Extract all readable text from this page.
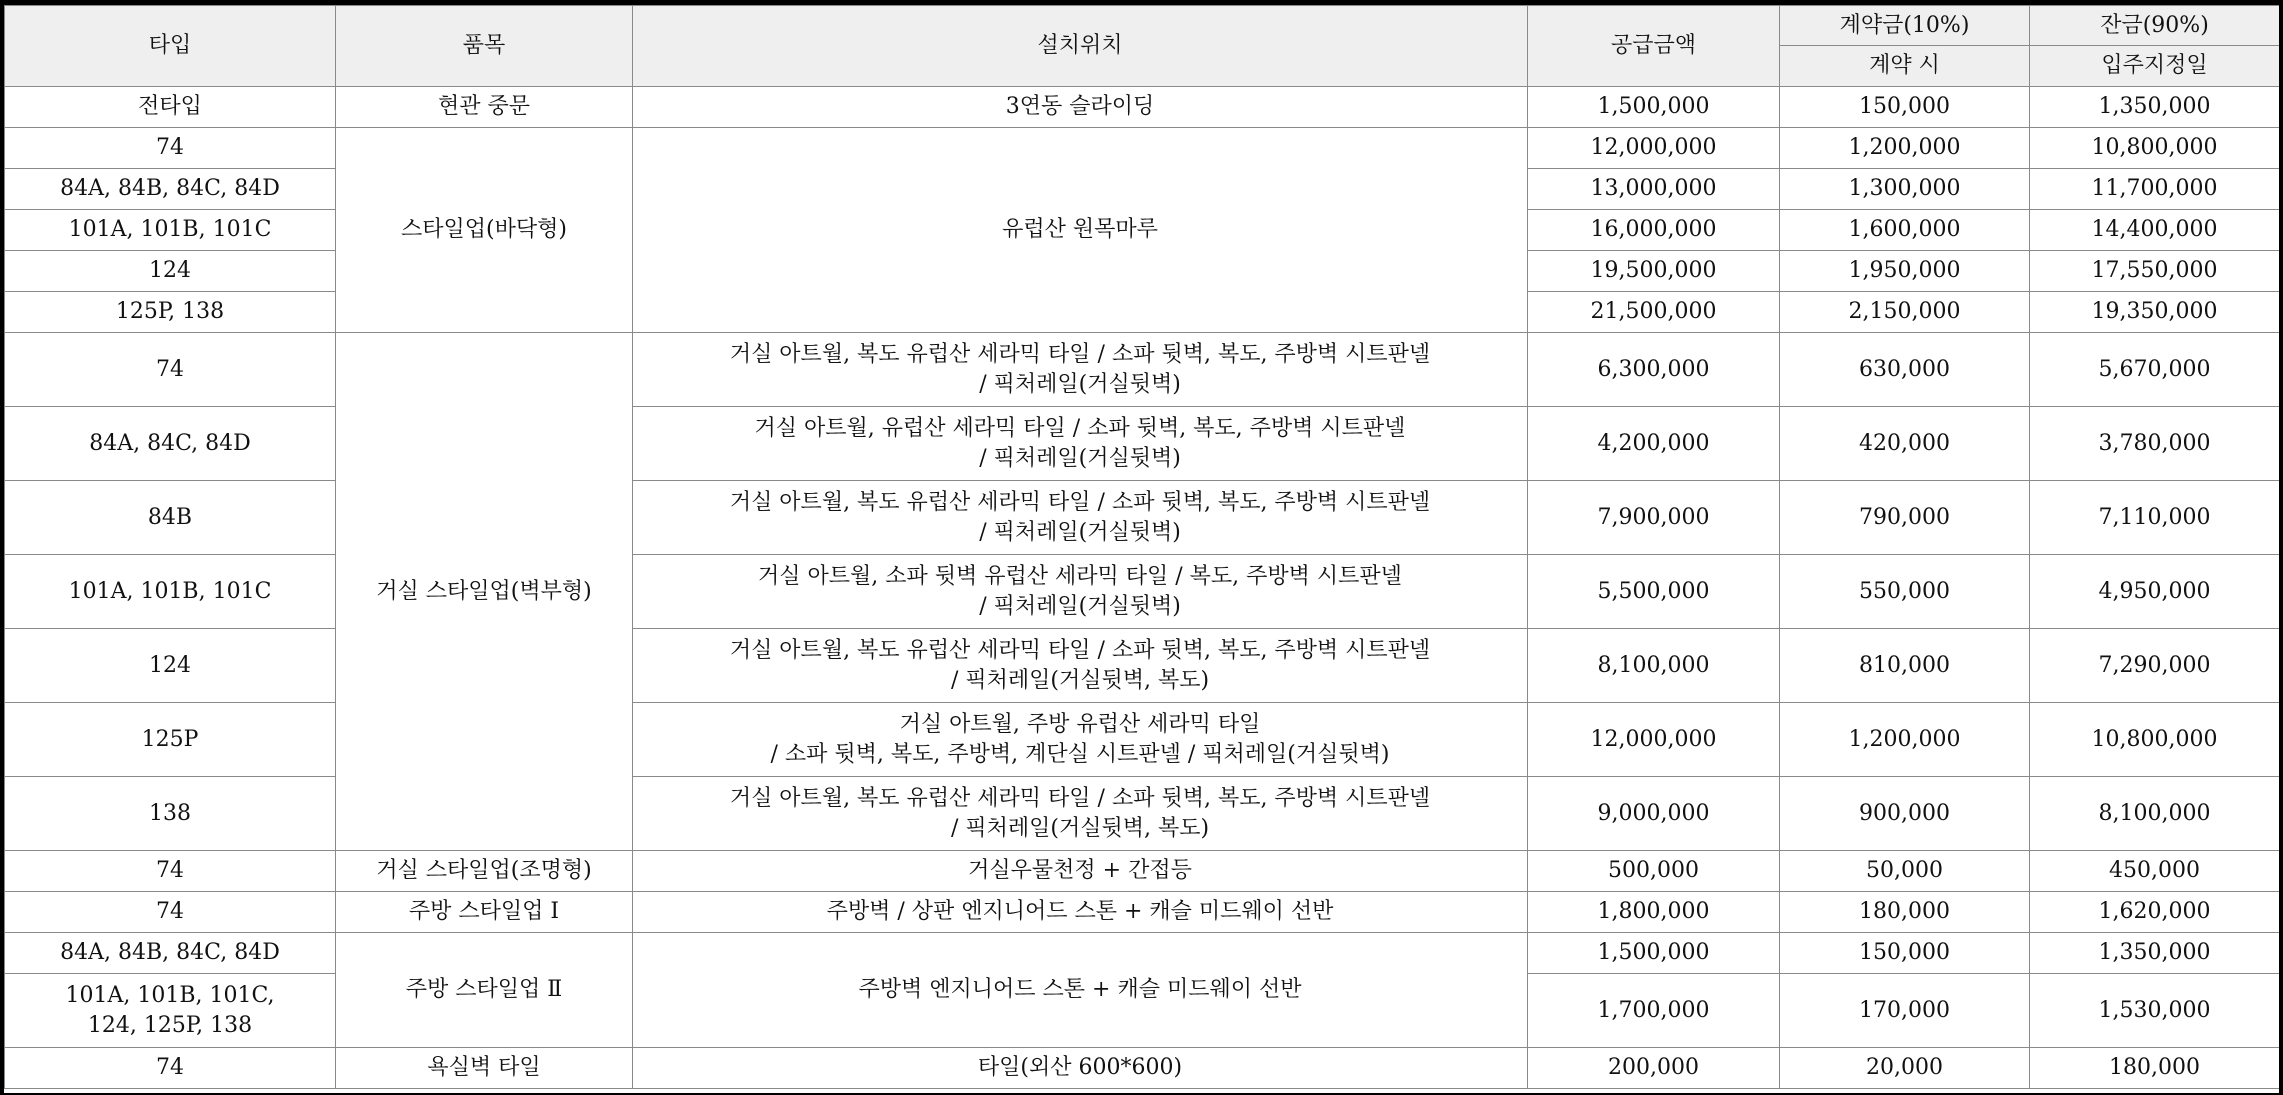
타입	품목	설치위치	공급금액	계약금(10%)	잔금(90%)
				계약 시	입주지정일
전타입	현관 중문	3연동 슬라이딩	1,500,000	150,000	1,350,000
74	스타일업(바닥형)	유럽산 원목마루	12,000,000	1,200,000	10,800,000
84A, 84B, 84C, 84D			13,000,000	1,300,000	11,700,000
101A, 101B, 101C			16,000,000	1,600,000	14,400,000
124			19,500,000	1,950,000	17,550,000
125P, 138			21,500,000	2,150,000	19,350,000
74	거실 스타일업(벽부형)	거실 아트월, 복도 유럽산 세라믹 타일 / 소파 뒷벽, 복도, 주방벽 시트판넬
/ 픽처레일(거실뒷벽)	6,300,000	630,000	5,670,000
84A, 84C, 84D		거실 아트월, 유럽산 세라믹 타일 / 소파 뒷벽, 복도, 주방벽 시트판넬
/ 픽처레일(거실뒷벽)	4,200,000	420,000	3,780,000
84B		거실 아트월, 복도 유럽산 세라믹 타일 / 소파 뒷벽, 복도, 주방벽 시트판넬
/ 픽처레일(거실뒷벽)	7,900,000	790,000	7,110,000
101A, 101B, 101C		거실 아트월, 소파 뒷벽 유럽산 세라믹 타일 / 복도, 주방벽 시트판넬
/ 픽처레일(거실뒷벽)	5,500,000	550,000	4,950,000
124		거실 아트월, 복도 유럽산 세라믹 타일 / 소파 뒷벽, 복도, 주방벽 시트판넬
/ 픽처레일(거실뒷벽, 복도)	8,100,000	810,000	7,290,000
125P		거실 아트월, 주방 유럽산 세라믹 타일
/ 소파 뒷벽, 복도, 주방벽, 계단실 시트판넬 / 픽처레일(거실뒷벽)	12,000,000	1,200,000	10,800,000
138		거실 아트월, 복도 유럽산 세라믹 타일 / 소파 뒷벽, 복도, 주방벽 시트판넬
/ 픽처레일(거실뒷벽, 복도)	9,000,000	900,000	8,100,000
74	거실 스타일업(조명형)	거실우물천정 + 간접등	500,000	50,000	450,000
74	주방 스타일업 Ⅰ	주방벽 / 상판 엔지니어드 스톤 + 캐슬 미드웨이 선반	1,800,000	180,000	1,620,000
84A, 84B, 84C, 84D	주방 스타일업 Ⅱ	주방벽 엔지니어드 스톤 + 캐슬 미드웨이 선반	1,500,000	150,000	1,350,000
101A, 101B, 101C,
124, 125P, 138			1,700,000	170,000	1,530,000
74	욕실벽 타일	타일(외산 600*600)	200,000	20,000	180,000
